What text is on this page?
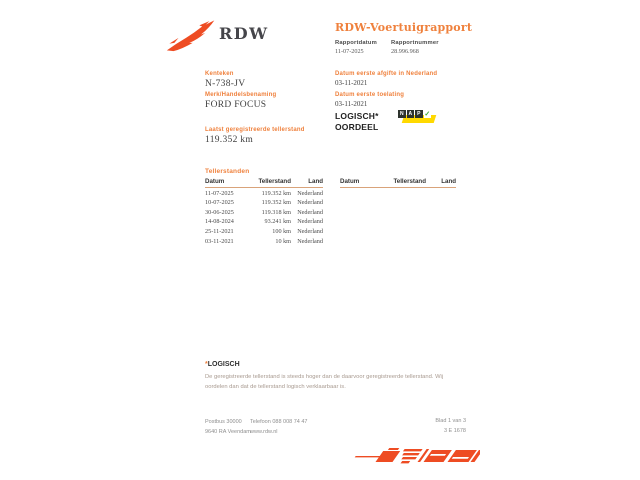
RDW	RDW-Voertuigrapport
Rapportdatum
11-07-2025
Rapportnummer
28.996.968
Kenteken
N-738-JV
Merk/Handelsbenaming
FORD FOCUS
Laatst geregistreerde tellerstand
119.352 km
Datum eerste afgifte in Nederland
03-11-2021
Datum eerste toelating
03-11-2021
LOGISCH*
OORDEEL
N A	P ✓
Tellerstanden
Datum	Tellerstand	Land
11-07-2025	119.352 km	Nederland
10-07-2025	119.352 km	Nederland
30-06-2025	119.318 km	Nederland
14-08-2024	93.241 km	Nederland
25-11-2021	100 km	Nederland
03-11-2021	10 km	Nederland
Datum	Tellerstand	Land
*LOGISCH
De geregistreerde tellerstand is steeds hoger dan de daarvoor geregistreerde tellerstand. Wij oordelen dan dat de tellerstand logisch verklaarbaar is.
Postbus 30000
9640 RA Veendam
Telefoon 088 008 74 47
www.rdw.nl
Blad 1 van 3
3 E 1678
